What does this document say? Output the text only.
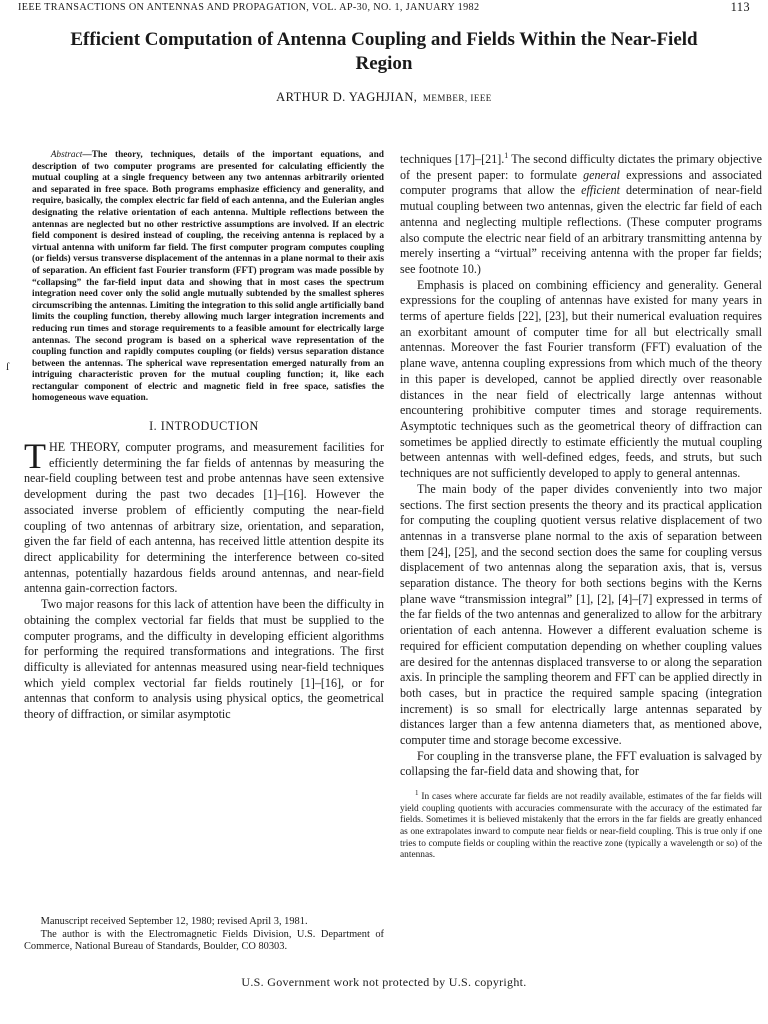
IEEE TRANSACTIONS ON ANTENNAS AND PROPAGATION, VOL. AP-30, NO. 1, JANUARY 1982	113
Efficient Computation of Antenna Coupling and Fields Within the Near-Field Region
ARTHUR D. YAGHJIAN, MEMBER, IEEE
ſ

Abstract—The theory, techniques, details of the important equations, and description of two computer programs are presented for calculating efficiently the mutual coupling at a single frequency between any two antennas arbitrarily oriented and separated in free space. Both programs emphasize efficiency and generality, and require, basically, the complex electric far field of each antenna, and the Eulerian angles designating the relative orientation of each antenna. Multiple reflections between the antennas are neglected but no other restrictive assumptions are involved. If an electric field component is desired instead of coupling, the receiving antenna is replaced by a virtual antenna with uniform far field. The first computer program computes coupling (or fields) versus transverse displacement of the antennas in a plane normal to their axis of separation. An efficient fast Fourier transform (FFT) program was made possible by “collapsing” the far-field input data and showing that in most cases the spectrum integration need cover only the solid angle mutually subtended by the smallest spheres circumscribing the antennas. Limiting the integration to this solid angle artificially band limits the coupling function, thereby allowing much larger integration increments and reducing run times and storage requirements to a feasible amount for electrically large antennas. The second program is based on a spherical wave representation of the coupling function and rapidly computes coupling (or fields) versus separation distance between the antennas. The spherical wave representation emerged naturally from an intriguing characteristic proven for the mutual coupling function; it, like each rectangular component of electric and magnetic field in free space, satisfies the homogeneous wave equation.

I. INTRODUCTION

THE THEORY, computer programs, and measurement facilities for efficiently determining the far fields of antennas by measuring the near-field coupling between test and probe antennas have seen extensive development during the past two decades [1]–[16]. However the associated inverse problem of efficiently computing the near-field coupling of two antennas of arbitrary size, orientation, and separation, given the far field of each antenna, has received little attention despite its direct applicability for determining the interference between co-sited antennas, potentially hazardous fields around antennas, and near-field antenna gain-correction factors.

Two major reasons for this lack of attention have been the difficulty in obtaining the complex vectorial far fields that must be supplied to the computer programs, and the difficulty in developing efficient algorithms for performing the required transformations and integrations. The first difficulty is alleviated for antennas measured using near-field techniques which yield complex vectorial far fields routinely [1]–[16], or for antennas that conform to analysis using physical optics, the geometrical theory of diffraction, or similar asymptotic

Manuscript received September 12, 1980; revised April 3, 1981.

The author is with the Electromagnetic Fields Division, U.S. Department of Commerce, National Bureau of Standards, Boulder, CO 80303.

techniques [17]–[21].$^1$ The second difficulty dictates the primary objective of the present paper: to formulate general expressions and associated computer programs that allow the efficient determination of near-field mutual coupling between two antennas, given the electric far field of each antenna and neglecting multiple reflections. (These computer programs also compute the electric near field of an arbitrary transmitting antenna by merely inserting a “virtual” receiving antenna with the proper far fields; see footnote 10.)

Emphasis is placed on combining efficiency and generality. General expressions for the coupling of antennas have existed for many years in terms of aperture fields [22], [23], but their numerical evaluation requires an exorbitant amount of computer time for all but electrically small antennas. Moreover the fast Fourier transform (FFT) evaluation of the plane wave, antenna coupling expressions from which much of the theory in this paper is developed, cannot be applied directly over reasonable distances in the near field of electrically large antennas without encountering prohibitive computer times and storage requirements. Asymptotic techniques such as the geometrical theory of diffraction can sometimes be applied directly to estimate efficiently the mutual coupling between antennas with well-defined edges, feeds, and struts, but such techniques are not sufficiently developed to apply to general antennas.

The main body of the paper divides conveniently into two major sections. The first section presents the theory and its practical application for computing the coupling quotient versus relative displacement of two antennas in a transverse plane normal to the axis of separation between them [24], [25], and the second section does the same for coupling versus displacement of two antennas along the separation axis, that is, versus separation distance. The theory for both sections begins with the Kerns plane wave “transmission integral” [1], [2], [4]–[7] expressed in terms of the far fields of the two antennas and generalized to allow for the arbitrary orientation of each antenna. However a different evaluation scheme is required for efficient computation depending on whether coupling values are desired for the antennas displaced transverse to or along the separation axis. In principle the sampling theorem and FFT can be applied directly in both cases, but in practice the required sample spacing (integration increment) is so small for electrically large antennas separated by distances larger than a few antenna diameters that, as mentioned above, computer time and storage become excessive.

For coupling in the transverse plane, the FFT evaluation is salvaged by collapsing the far-field data and showing that, for

$^1$ In cases where accurate far fields are not readily available, estimates of the far fields will yield coupling quotients with accuracies commensurate with the accuracy of the estimated far fields. Sometimes it is believed mistakenly that the errors in the far fields are greatly enhanced as one extrapolates inward to compute near fields or near-field coupling. This is true only if one tries to compute fields or coupling within the reactive zone (typically a wavelength or so) of the antennas.

U.S. Government work not protected by U.S. copyright.
